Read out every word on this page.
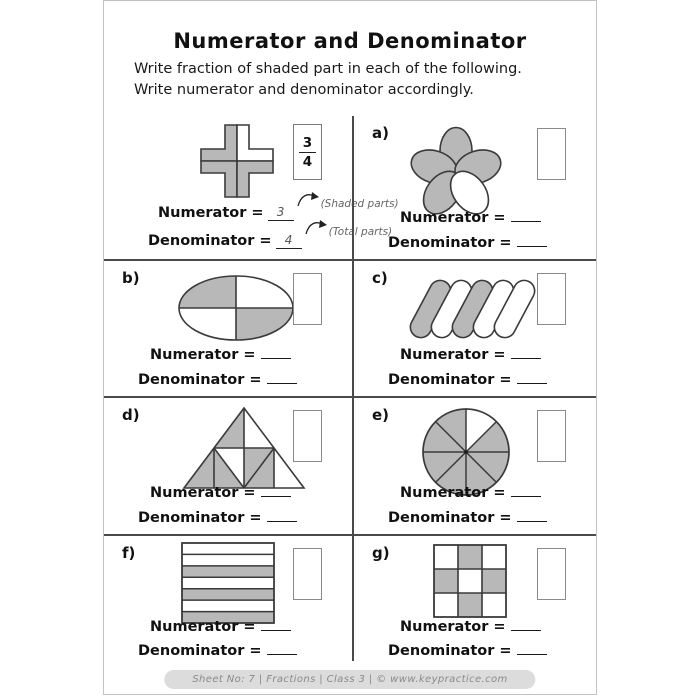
Numerator and Denominator
Write fraction of shaded part in each of the following.
Write numerator and denominator accordingly.
$\frac{3}{4}$
Numerator = 3$^{(Shaded parts)}$
Denominator = 4$^{(Total parts)}$
a)
Numerator =
Denominator =
b)
Numerator =
Denominator =
c)
Numerator =
Denominator =
d)
Numerator =
Denominator =
e)
Numerator =
Denominator =
f)
Numerator =
Denominator =
g)
Numerator =
Denominator =
Sheet No: 7 | Fractions | Class 3 | © www.keypractice.com
